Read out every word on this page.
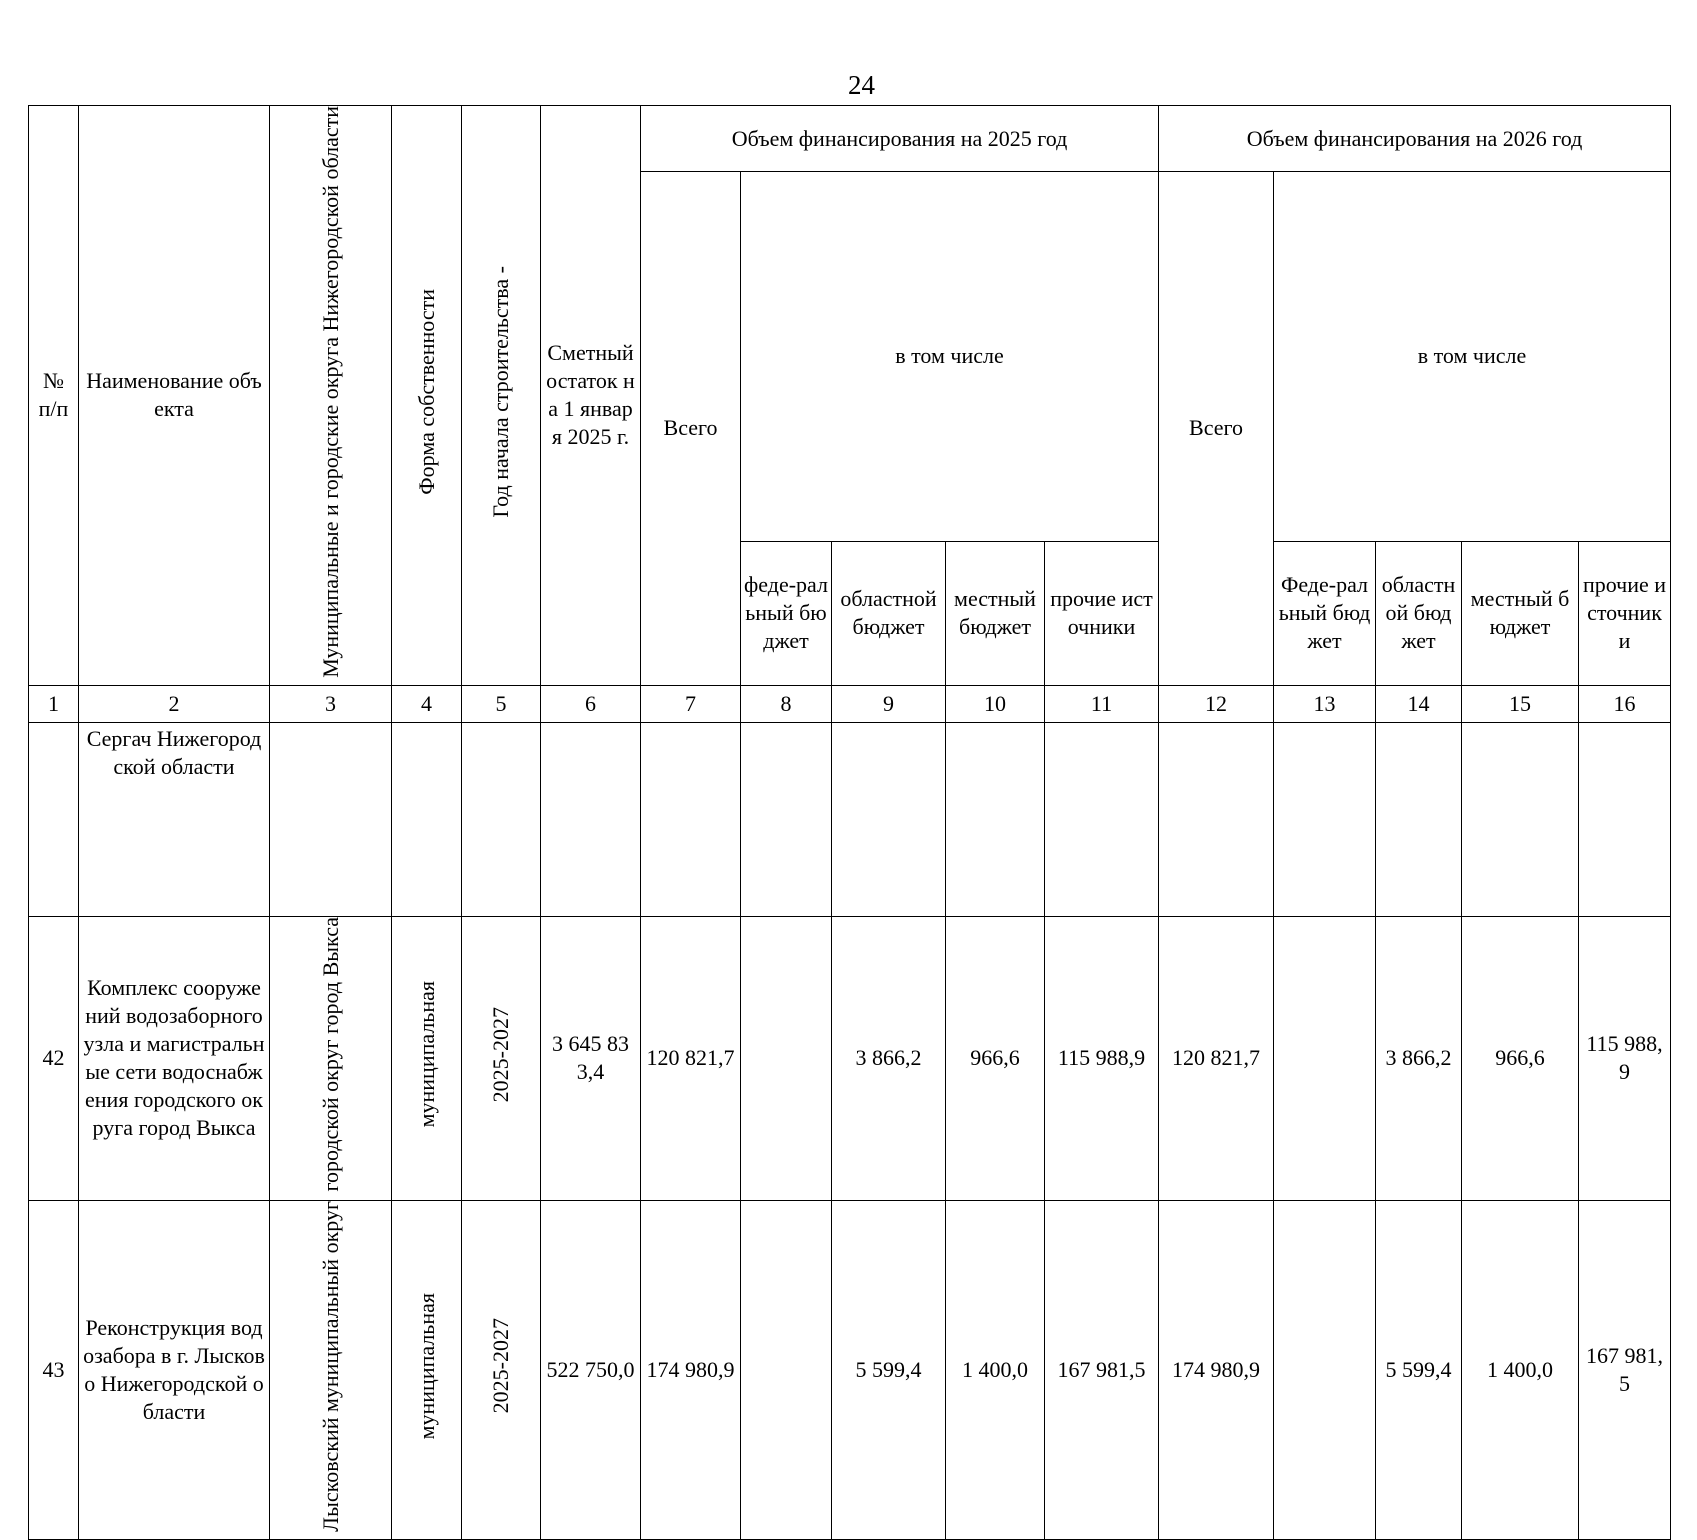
24
№ п/п	Наименование объекта	Муниципальные и городские округа Нижегородской области	Форма собственности	Год начала строительства -	Сметный остаток на 1 января 2025 г.	Объем финансирования на 2025 год					Объем финансирования на 2026 год				
						Всего	в том числе				Всего	в том числе			
							феде-ральный бюджет	областной бюджет	местный бюджет	прочие источники		Феде-ральный бюджет	областной бюджет	местный бюджет	прочие источники
1	2	3	4	5	6	7	8	9	10	11	12	13	14	15	16
	Сергач Нижегородской области														
42	Комплекс сооружений водозаборного узла и магистральные сети водоснабжения городского округа город Выкса	городской округ город Выкса	муниципальная	2025-2027	3 645 833,4	120 821,7		3 866,2	966,6	115 988,9	120 821,7		3 866,2	966,6	115 988,9
43	Реконструкция водозабора в г. Лысково Нижегородской области	Лысковский муниципальный округ	муниципальная	2025-2027	522 750,0	174 980,9		5 599,4	1 400,0	167 981,5	174 980,9		5 599,4	1 400,0	167 981,5
